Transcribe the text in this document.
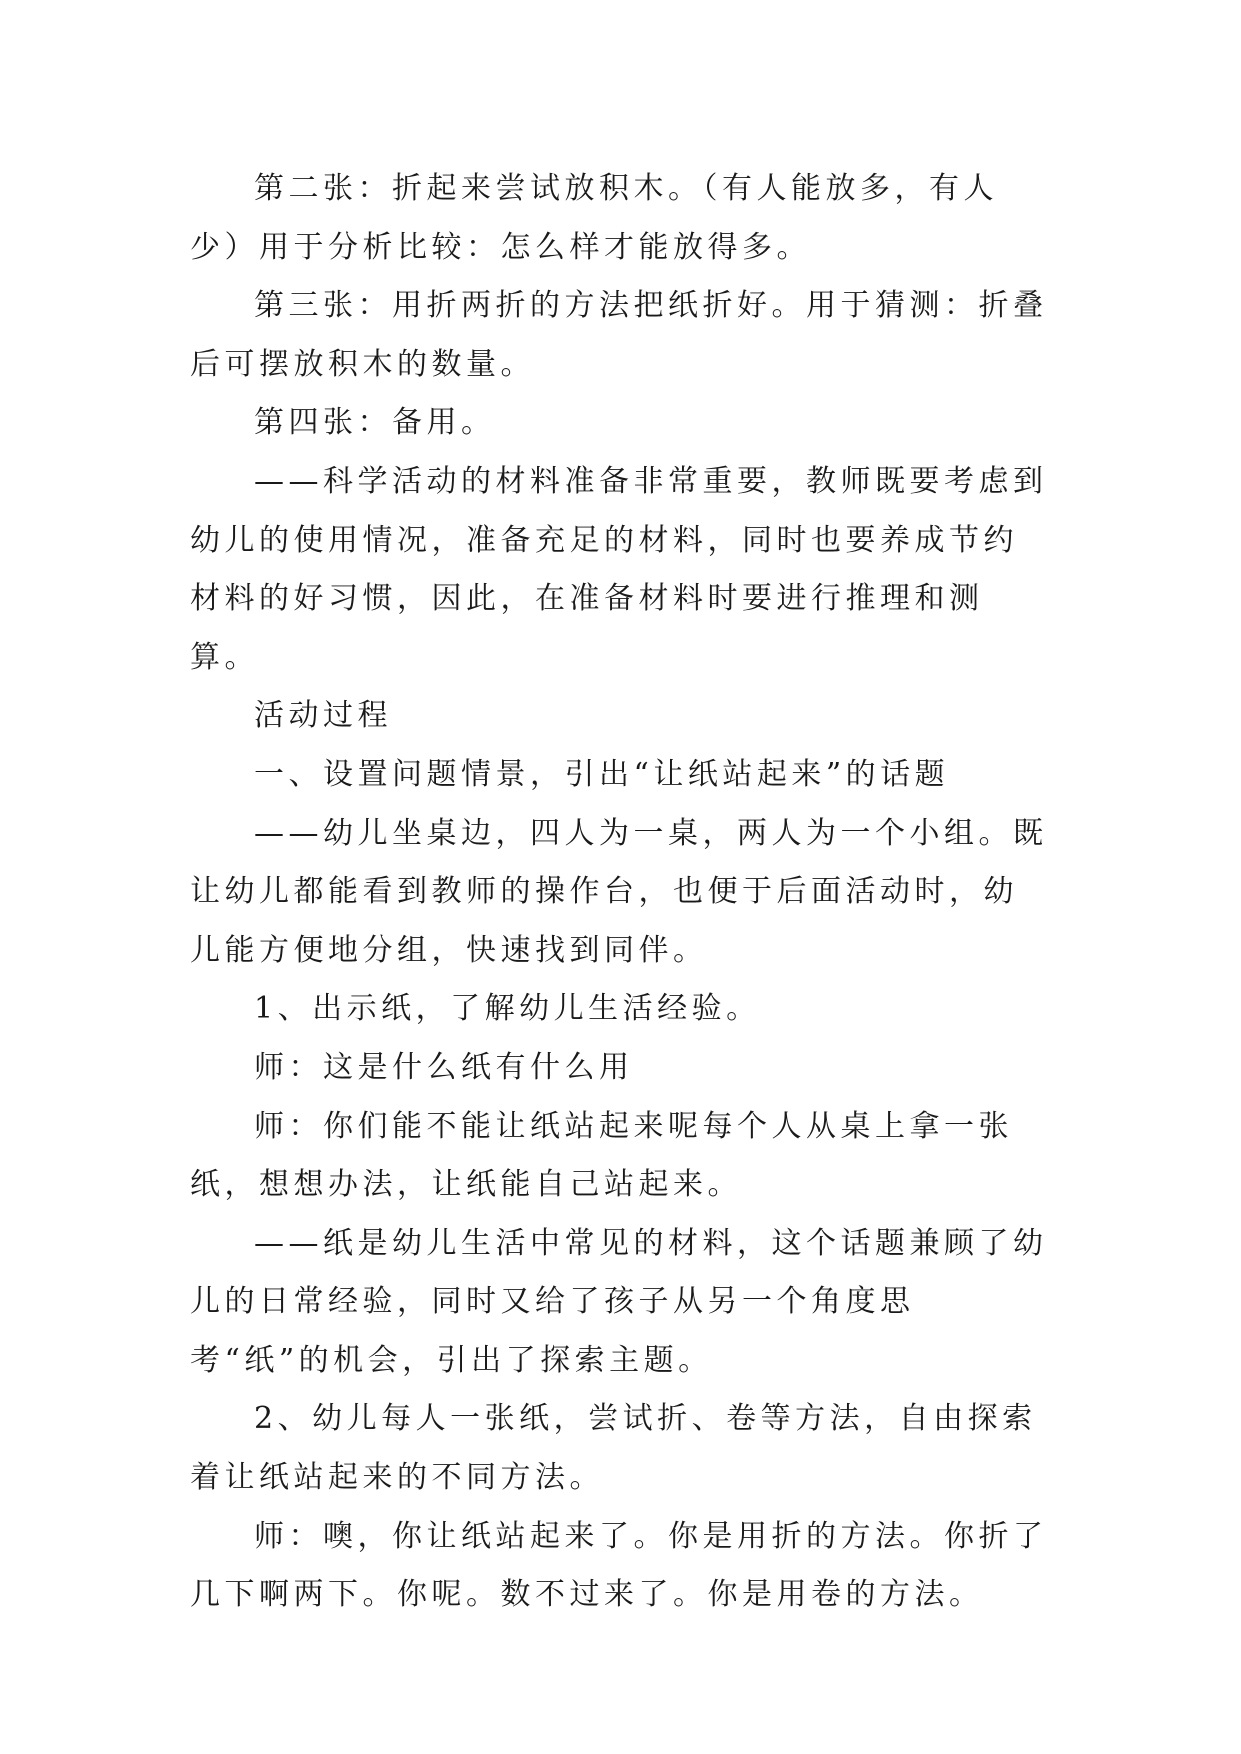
第二张：折起来尝试放积木。（有人能放多，有人少）用于分析比较：怎么样才能放得多。

第三张：用折两折的方法把纸折好。用于猜测：折叠后可摆放积木的数量。

第四张：备用。

——科学活动的材料准备非常重要，教师既要考虑到幼儿的使用情况，准备充足的材料，同时也要养成节约材料的好习惯，因此，在准备材料时要进行推理和测算。

活动过程

一、设置问题情景，引出“让纸站起来”的话题

——幼儿坐桌边，四人为一桌，两人为一个小组。既让幼儿都能看到教师的操作台，也便于后面活动时，幼儿能方便地分组，快速找到同伴。

1、出示纸，了解幼儿生活经验。

师：这是什么纸有什么用

师：你们能不能让纸站起来呢每个人从桌上拿一张纸，想想办法，让纸能自己站起来。

——纸是幼儿生活中常见的材料，这个话题兼顾了幼儿的日常经验，同时又给了孩子从另一个角度思考“纸”的机会，引出了探索主题。

2、幼儿每人一张纸，尝试折、卷等方法，自由探索着让纸站起来的不同方法。

师：噢，你让纸站起来了。你是用折的方法。你折了几下啊两下。你呢。数不过来了。你是用卷的方法。
